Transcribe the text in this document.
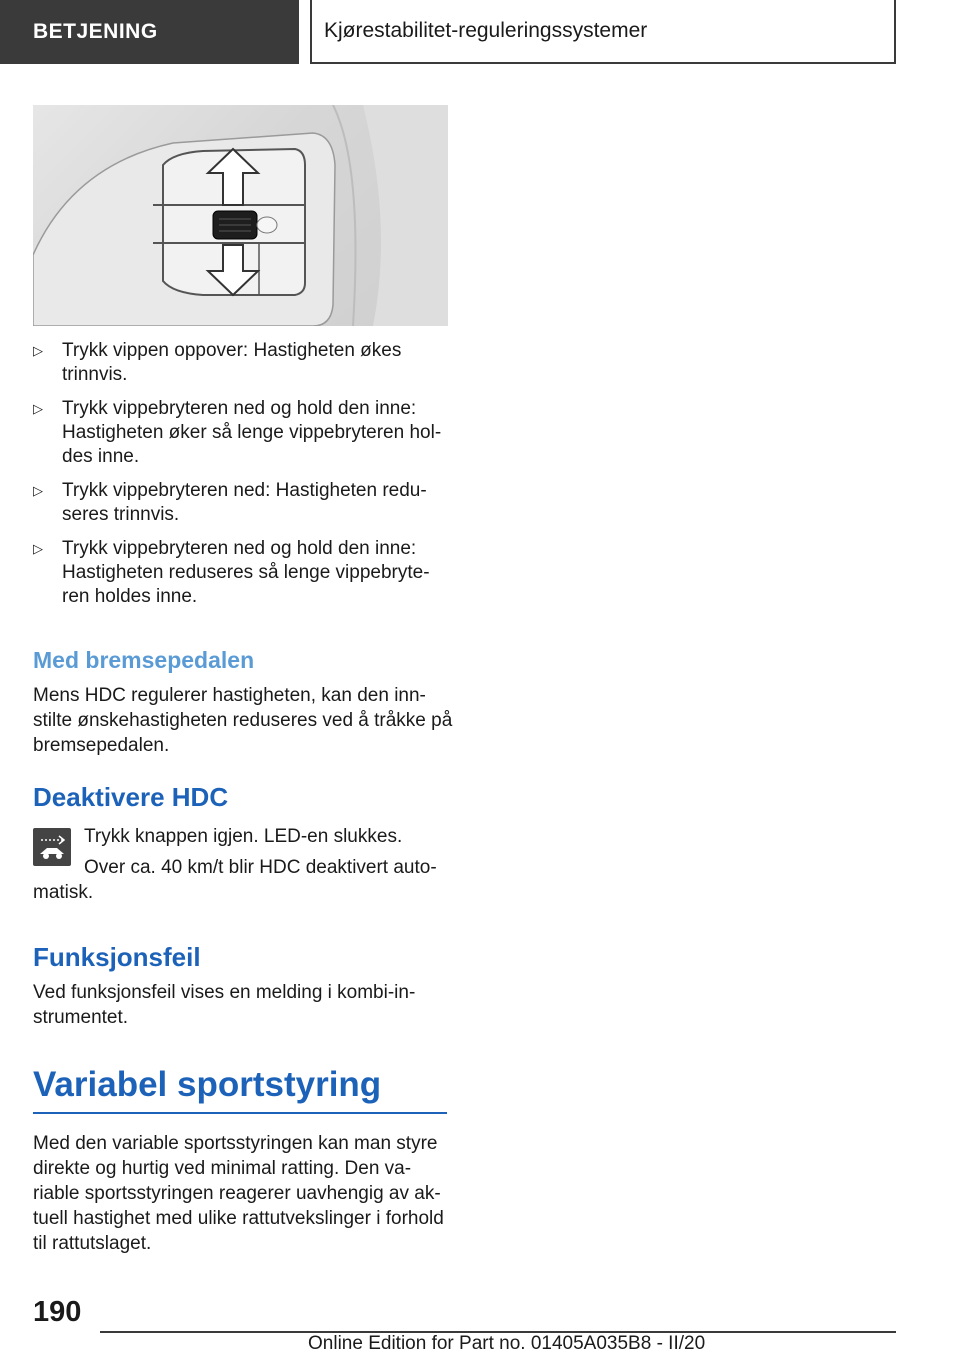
BETJENING	Kjørestabilitet-reguleringssystemer
▷	Trykk vippen oppover: Hastigheten økes trinnvis.
▷	Trykk vippebryteren ned og hold den inne: Hastigheten øker så lenge vippebryteren hol-des inne.
▷	Trykk vippebryteren ned: Hastigheten redu-seres trinnvis.
▷	Trykk vippebryteren ned og hold den inne: Hastigheten reduseres så lenge vippebryte-ren holdes inne.
Med bremsepedalen
Mens HDC regulerer hastigheten, kan den inn-stilte ønskehastigheten reduseres ved å tråkke på bremsepedalen.
Deaktivere HDC
Trykk knappen igjen. LED-en slukkes.
Over ca. 40 km/t blir HDC deaktivert auto-
matisk.
Funksjonsfeil
Ved funksjonsfeil vises en melding i kombi-in-strumentet.
Variabel sportstyring
Med den variable sportsstyringen kan man styre direkte og hurtig ved minimal ratting. Den va-riable sportsstyringen reagerer uavhengig av ak-tuell hastighet med ulike rattutvekslinger i forhold til rattutslaget.
190
Online Edition for Part no. 01405A035B8 - II/20
